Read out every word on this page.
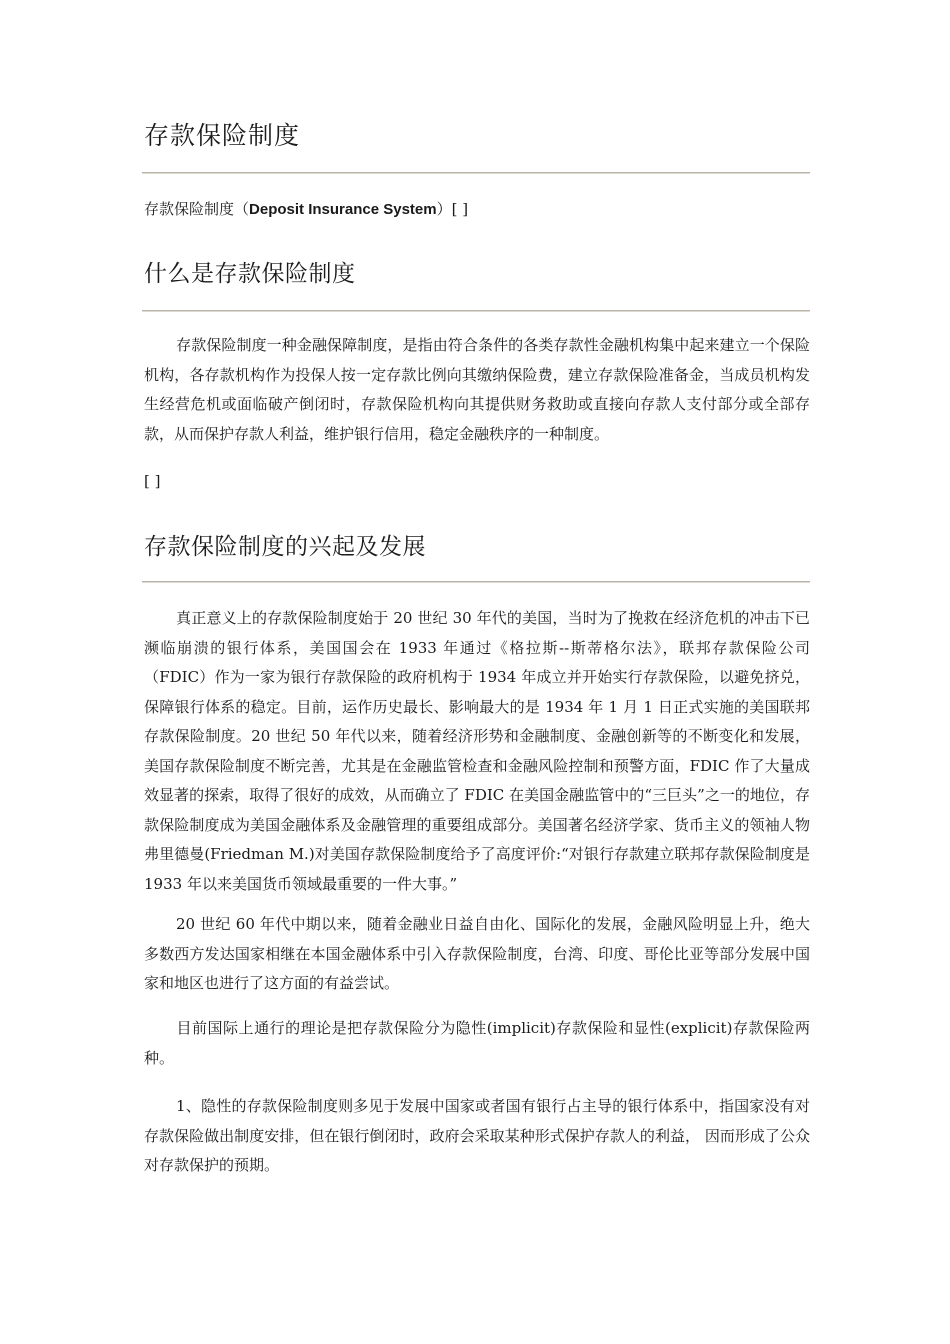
存款保险制度
存款保险制度（Deposit Insurance System）[ ]
什么是存款保险制度

存款保险制度一种金融保障制度，是指由符合条件的各类存款性金融机构集中起来建立一个保险机构，各存款机构作为投保人按一定存款比例向其缴纳保险费，建立存款保险准备金，当成员机构发生经营危机或面临破产倒闭时，存款保险机构向其提供财务救助或直接向存款人支付部分或全部存款，从而保护存款人利益，维护银行信用，稳定金融秩序的一种制度。

[ ]
存款保险制度的兴起及发展

真正意义上的存款保险制度始于 20 世纪 30 年代的美国，当时为了挽救在经济危机的冲击下已濒临崩溃的银行体系，美国国会在 1933 年通过《格拉斯--斯蒂格尔法》，联邦存款保险公司（FDIC）作为一家为银行存款保险的政府机构于 1934 年成立并开始实行存款保险，以避免挤兑，保障银行体系的稳定。目前，运作历史最长、影响最大的是 1934 年 1 月 1 日正式实施的美国联邦存款保险制度。20 世纪 50 年代以来，随着经济形势和金融制度、金融创新等的不断变化和发展，美国存款保险制度不断完善，尤其是在金融监管检查和金融风险控制和预警方面，FDIC 作了大量成效显著的探索，取得了很好的成效，从而确立了 FDIC 在美国金融监管中的“三巨头”之一的地位，存款保险制度成为美国金融体系及金融管理的重要组成部分。美国著名经济学家、货币主义的领袖人物弗里德曼(Friedman M.)对美国存款保险制度给予了高度评价:“对银行存款建立联邦存款保险制度是 1933 年以来美国货币领域最重要的一件大事。”

20 世纪 60 年代中期以来，随着金融业日益自由化、国际化的发展，金融风险明显上升，绝大多数西方发达国家相继在本国金融体系中引入存款保险制度，台湾、印度、哥伦比亚等部分发展中国家和地区也进行了这方面的有益尝试。

目前国际上通行的理论是把存款保险分为隐性(implicit)存款保险和显性(explicit)存款保险两种。

1、隐性的存款保险制度则多见于发展中国家或者国有银行占主导的银行体系中，指国家没有对存款保险做出制度安排，但在银行倒闭时，政府会采取某种形式保护存款人的利益， 因而形成了公众对存款保护的预期。
